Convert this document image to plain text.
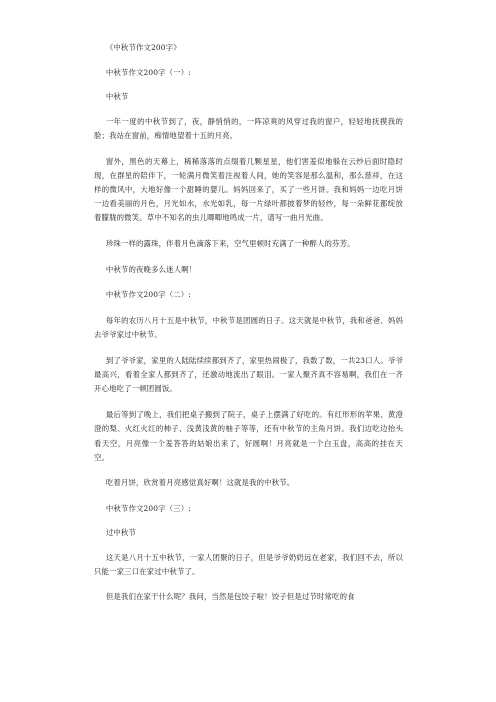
《中秋节作文200字》

中秋节作文200字（一）:

中秋节

一年一度的中秋节到了，夜，静悄悄的，一阵凉爽的风穿过我的窗户，轻轻地抚摸我的脸；我站在窗前，痴情地望着十五的月亮。

窗外，黑色的天幕上，稀稀落落的点缀着几颗星星，他们害羞似地躲在云纱后面时隐时现，在群星的陪伴下，一轮满月微笑着注视着人间，她的笑容是那么温和，那么慈祥，在这样的微风中，大地好像一个甜睡的婴儿。妈妈回来了，买了一些月饼。我和妈妈一边吃月饼一边看美丽的月色，月光如水，水光如乳，每一片绿叶都披着梦的轻纱，每一朵鲜花都绽放着朦胧的微笑。草中不知名的虫儿唧唧地鸣成一片，谱写一曲月光曲。

珍珠一样的露珠，伴着月色滴落下来，空气里顿时充满了一种醉人的芬芳。

中秋节的夜晚多么迷人啊！

中秋节作文200字（二）:

每年的农历八月十五是中秋节，中秋节是团圆的日子。这天就是中秋节，我和爸爸、妈妈去爷爷家过中秋节。

到了爷爷家，家里的人陆陆续续都到齐了，家里热闹极了，我数了数，一共23口人。爷爷最高兴，看着全家人都到齐了，还激动地流出了眼泪。一家人聚齐真不容易啊，我们在一齐开心地吃了一顿团圆饭。

最后等到了晚上，我们把桌子搬到了院子，桌子上摆满了好吃的。有红形形的苹果、黄澄澄的梨、火红火红的柿子、浅黄浅黄的柚子等等，还有中秋节的主角月饼。我们边吃边抬头看天空，月亮像一个羞答答的姑娘出来了，好圆啊！月亮就是一个白玉盘，高高的挂在天空。

吃着月饼，欣赏着月亮感觉真好啊！这就是我的中秋节。

中秋节作文200字（三）:

过中秋节

这天是八月十五中秋节，一家人团聚的日子，但是爷爷奶奶远在老家，我们回不去，所以只能一家三口在家过中秋节了。

但是我们在家干什么呢？我问，当然是包饺子啦！饺子但是过节时常吃的食
